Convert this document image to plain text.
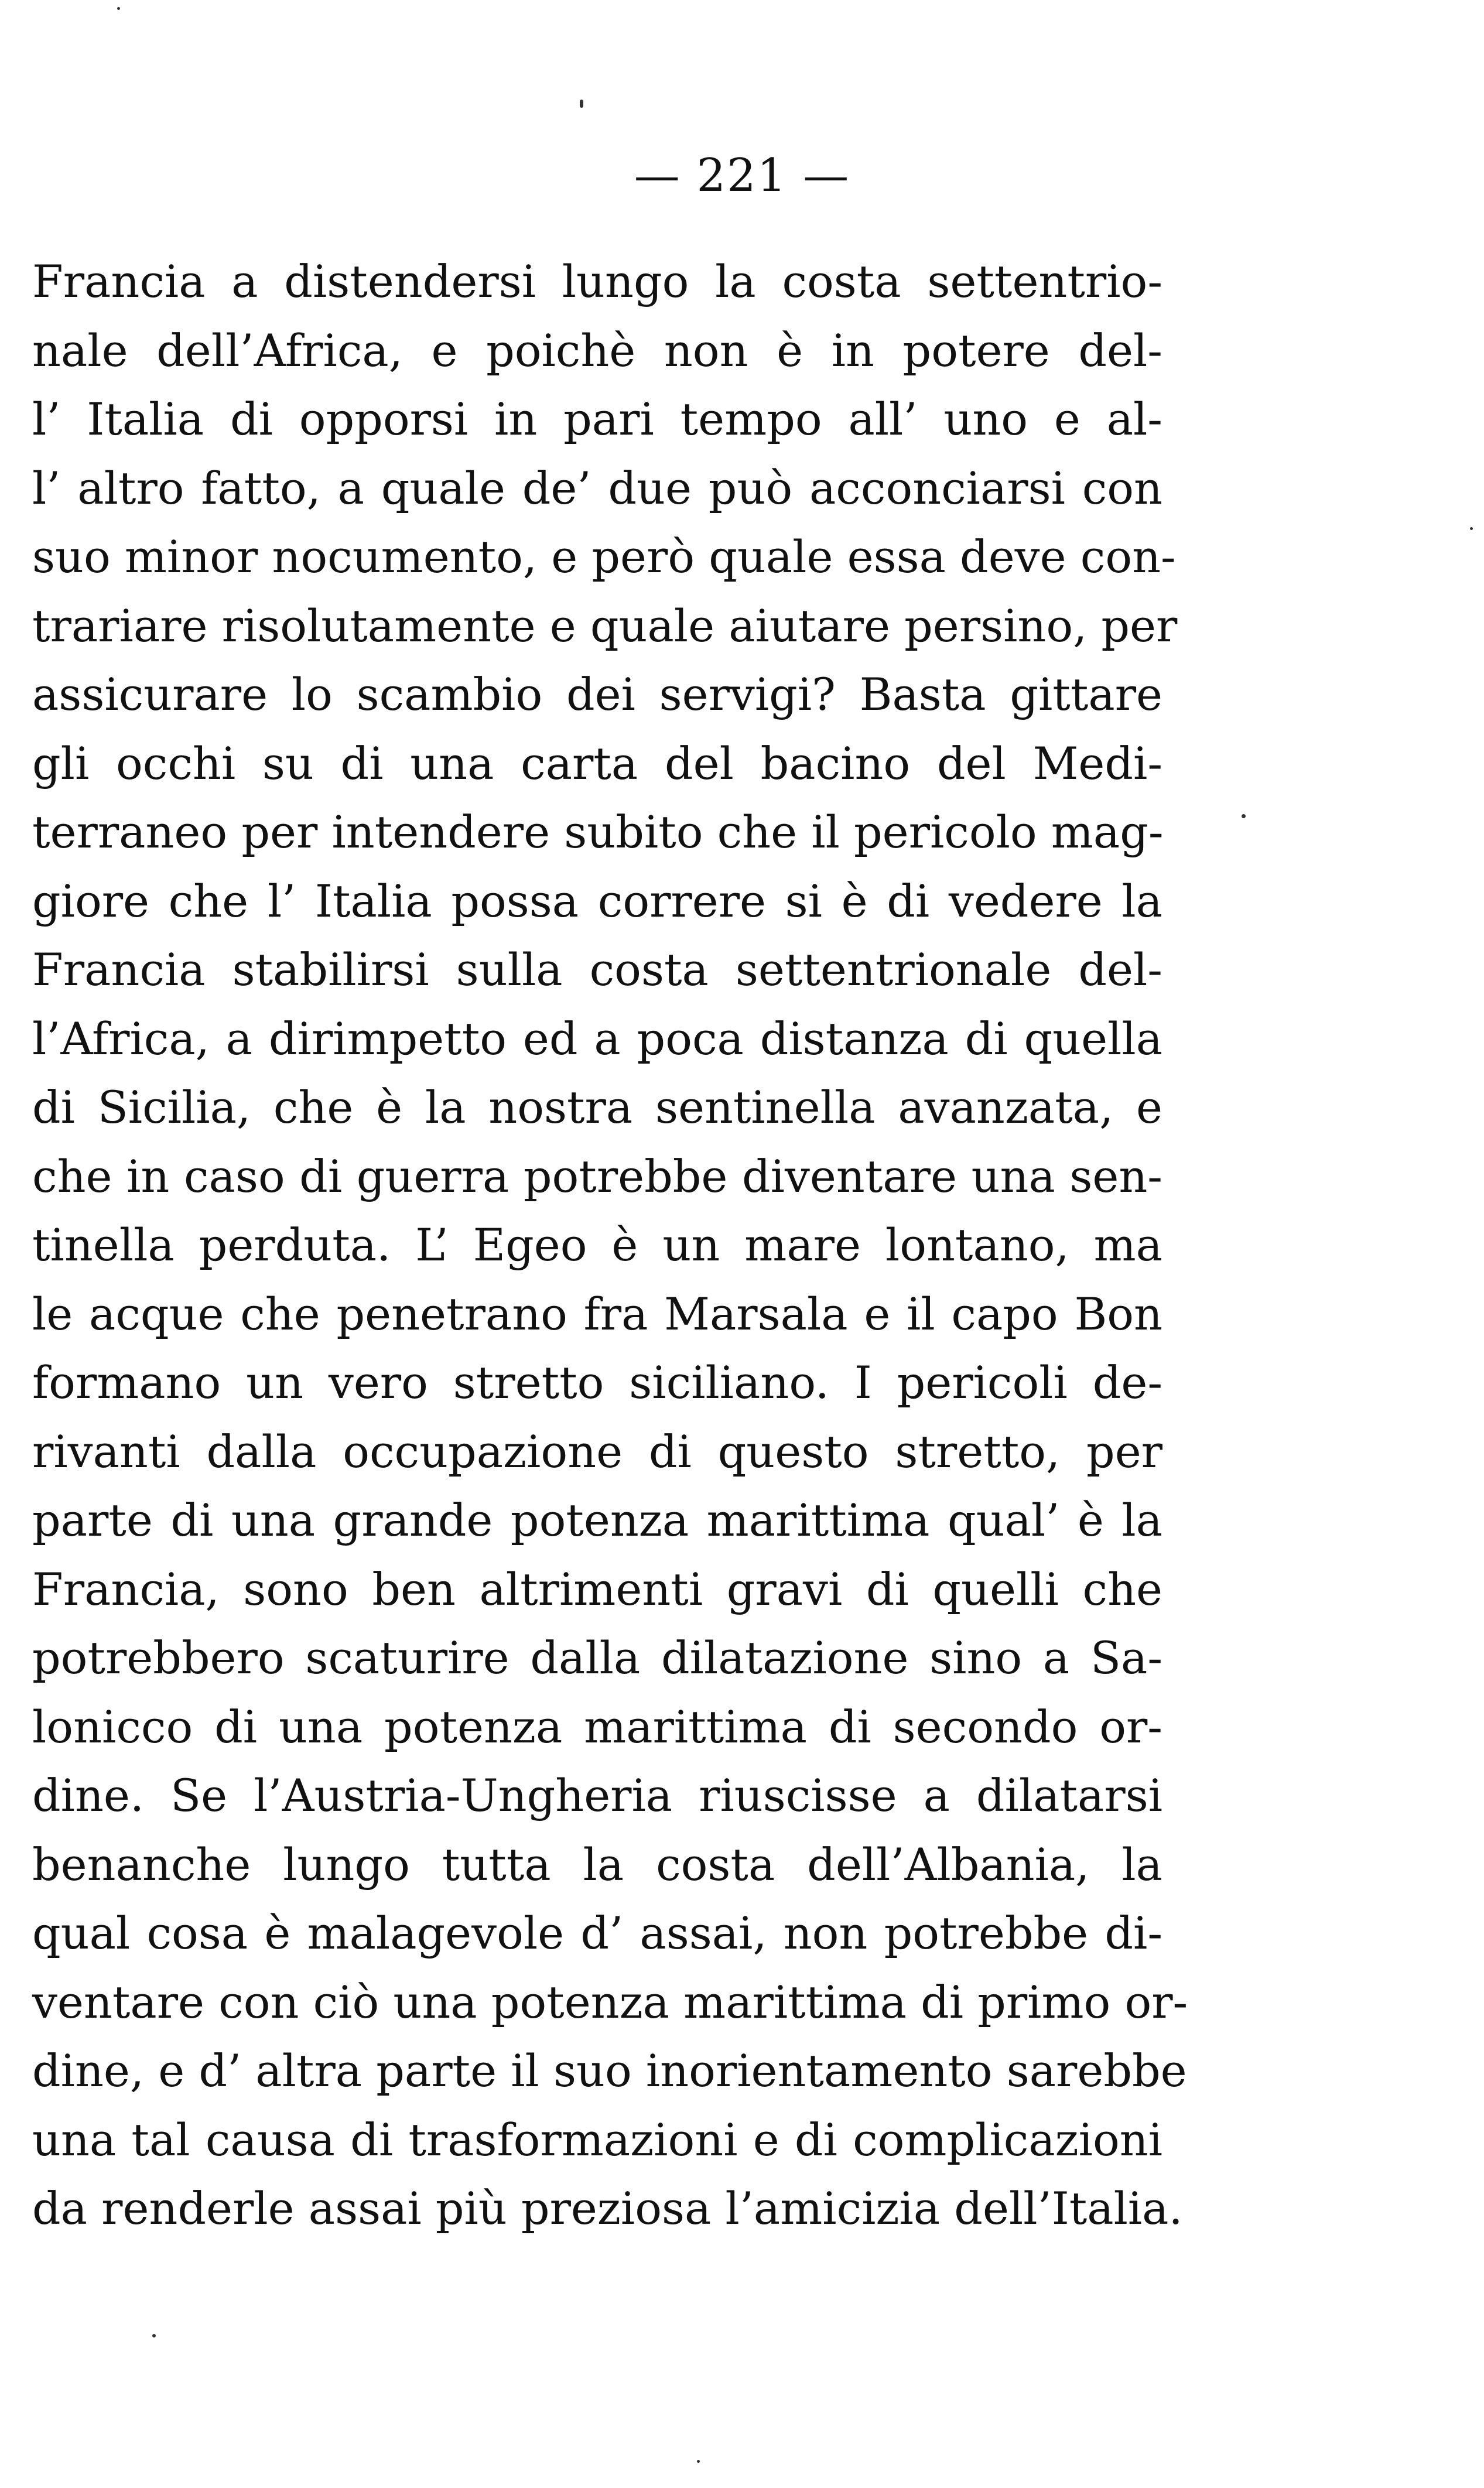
— 221 —
Francia a distendersi lungo la costa settentrio-
nale dell’Africa, e poichè non è in potere del-
l’ Italia di opporsi in pari tempo all’ uno e al-
l’ altro fatto, a quale de’ due può acconciarsi con
suo minor nocumento, e però quale essa deve con-
trariare risolutamente e quale aiutare persino, per
assicurare lo scambio dei servigi? Basta gittare
gli occhi su di una carta del bacino del Medi-
terraneo per intendere subito che il pericolo mag-
giore che l’ Italia possa correre si è di vedere la
Francia stabilirsi sulla costa settentrionale del-
l’Africa, a dirimpetto ed a poca distanza di quella
di Sicilia, che è la nostra sentinella avanzata, e
che in caso di guerra potrebbe diventare una sen-
tinella perduta. L’ Egeo è un mare lontano, ma
le acque che penetrano fra Marsala e il capo Bon
formano un vero stretto siciliano. I pericoli de-
rivanti dalla occupazione di questo stretto, per
parte di una grande potenza marittima qual’ è la
Francia, sono ben altrimenti gravi di quelli che
potrebbero scaturire dalla dilatazione sino a Sa-
lonicco di una potenza marittima di secondo or-
dine. Se l’Austria-Ungheria riuscisse a dilatarsi
benanche lungo tutta la costa dell’Albania, la
qual cosa è malagevole d’ assai, non potrebbe di-
ventare con ciò una potenza marittima di primo or-
dine, e d’ altra parte il suo inorientamento sarebbe
una tal causa di trasformazioni e di complicazioni
da renderle assai più preziosa l’amicizia dell’Italia.
